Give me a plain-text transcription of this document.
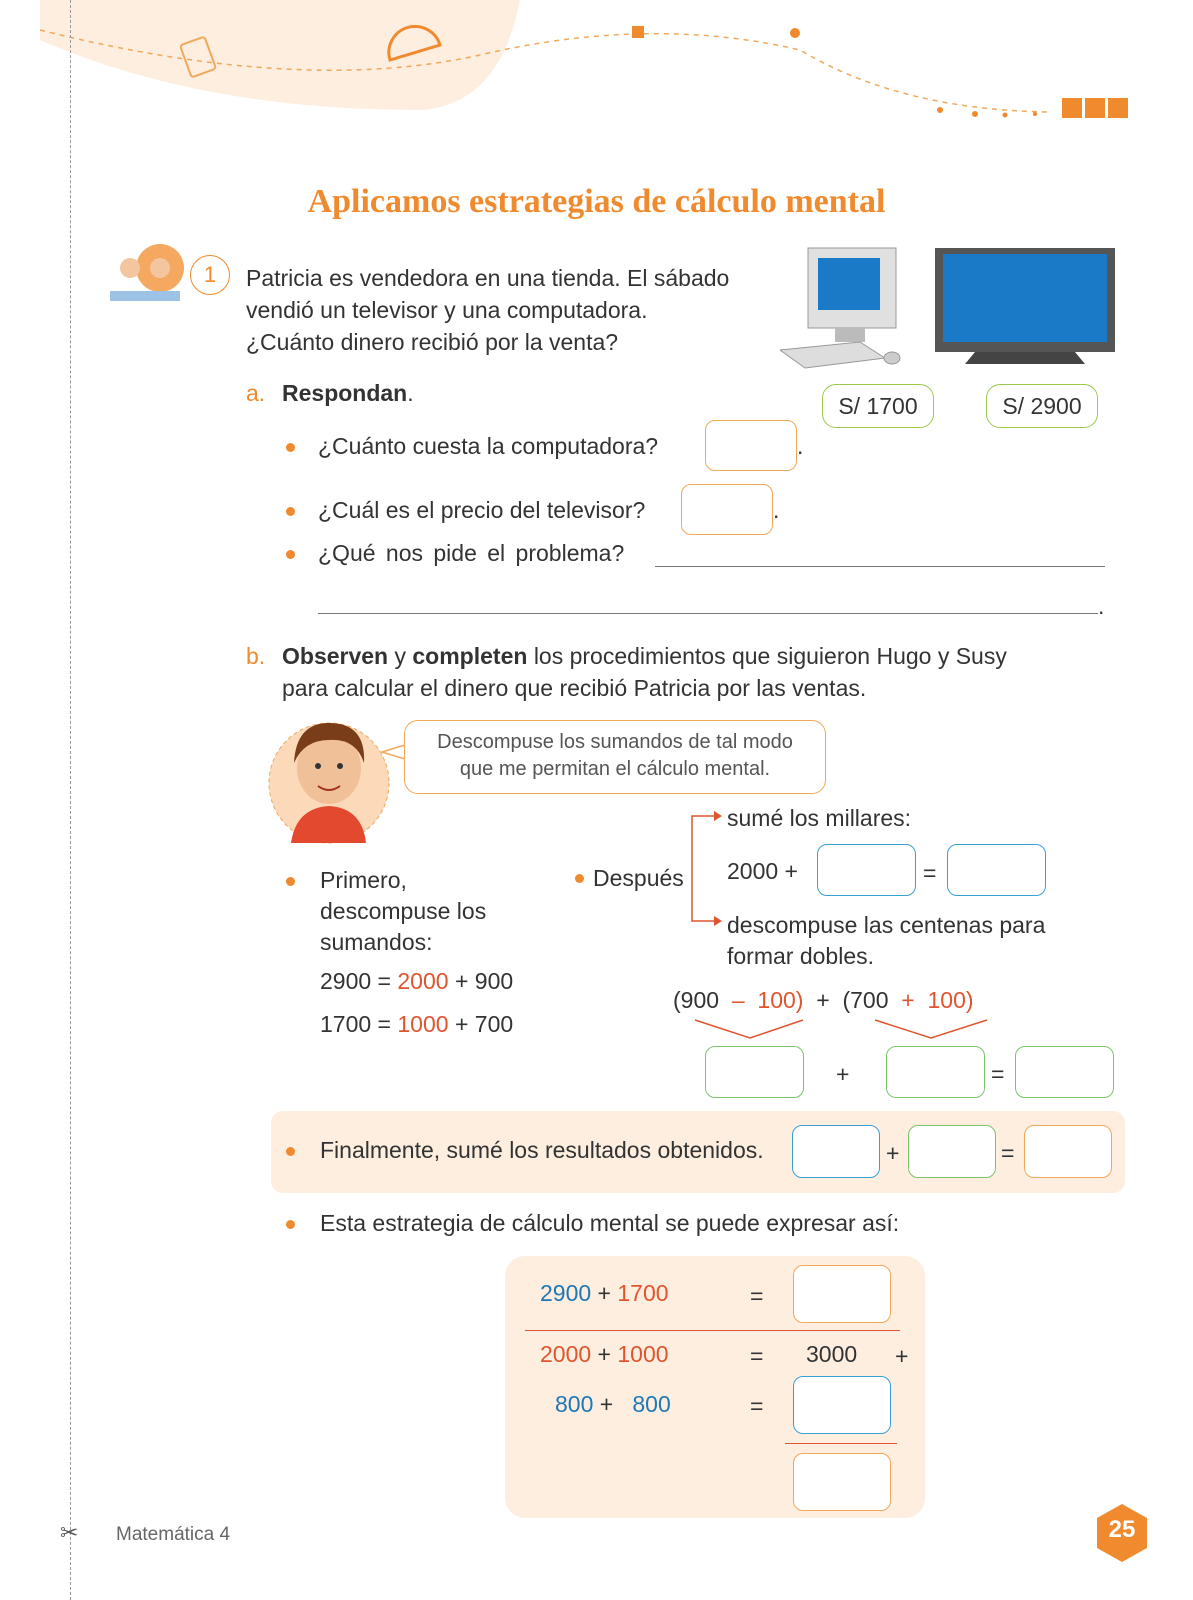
Aplicamos estrategias de cálculo mental
1	Patricia es vendedora en una tienda. El sábado
vendió un televisor y una computadora.
¿Cuánto dinero recibió por la venta?
S/ 1700	S/ 2900
a. Respondan.
¿Cuánto cuesta la computadora?	.
¿Cuál es el precio del televisor?	.
¿Qué nos pide el problema?
.
b. Observen y completen los procedimientos que siguieron Hugo y Susy
para calcular el dinero que recibió Patricia por las ventas.
Descompuse los sumandos de tal modo
que me permitan el cálculo mental.
Primero,
descompuse los
sumandos:
2900 = 2000 + 900
1700 = 1000 + 700
Después
sumé los millares:
2000 +	=
descompuse las centenas para
formar dobles.
(900 – 100) + (700 + 100)
+	=
Finalmente, sumé los resultados obtenidos.	+	=
Esta estrategia de cálculo mental se puede expresar así:
2900 + 1700	=
2000 + 1000	= 3000 +
800 +   800	=
✂ Matemática 4	25
